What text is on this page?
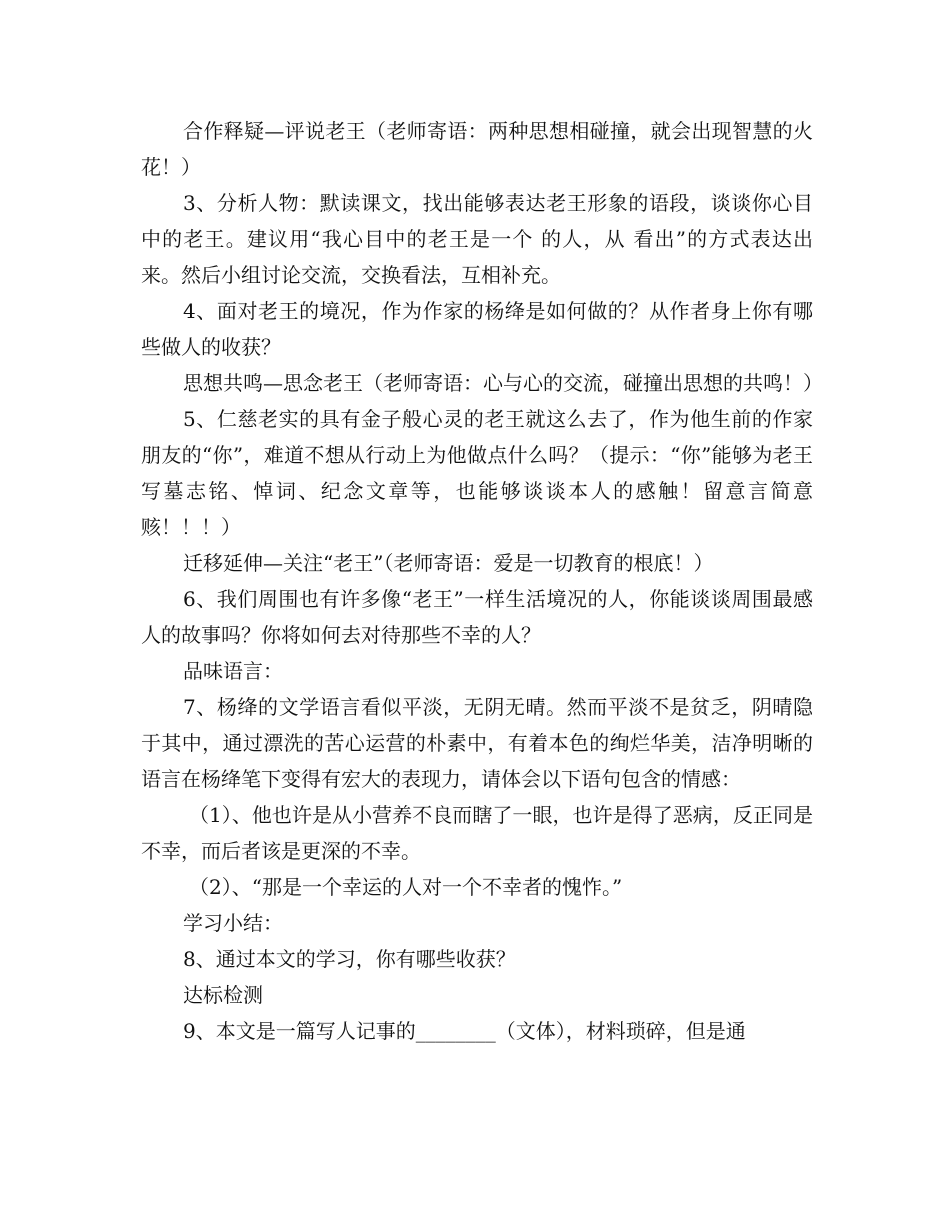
合作释疑—评说老王（老师寄语：两种思想相碰撞，就会出现智慧的火花！）

3、分析人物：默读课文，找出能够表达老王形象的语段，谈谈你心目中的老王。建议用“我心目中的老王是一个 的人，从 看出”的方式表达出来。然后小组讨论交流，交换看法，互相补充。

4、面对老王的境况，作为作家的杨绛是如何做的？从作者身上你有哪些做人的收获？

思想共鸣—思念老王（老师寄语：心与心的交流，碰撞出思想的共鸣！）

5、仁慈老实的具有金子般心灵的老王就这么去了，作为他生前的作家朋友的“你”，难道不想从行动上为他做点什么吗？（提示：“你”能够为老王写墓志铭、悼词、纪念文章等，也能够谈谈本人的感触！留意言简意赅！！！）

迁移延伸—关注“老王”（老师寄语：爱是一切教育的根底！）

6、我们周围也有许多像“老王”一样生活境况的人，你能谈谈周围最感人的故事吗？你将如何去对待那些不幸的人？

品味语言：

7、杨绛的文学语言看似平淡，无阴无晴。然而平淡不是贫乏，阴晴隐于其中，通过漂洗的苦心运营的朴素中，有着本色的绚烂华美，洁净明晰的语言在杨绛笔下变得有宏大的表现力，请体会以下语句包含的情感：

（1）、他也许是从小营养不良而瞎了一眼，也许是得了恶病，反正同是不幸，而后者该是更深的不幸。

（2）、“那是一个幸运的人对一个不幸者的愧怍。”

学习小结：

8、通过本文的学习，你有哪些收获？

达标检测

9、本文是一篇写人记事的________（文体），材料琐碎，但是通
